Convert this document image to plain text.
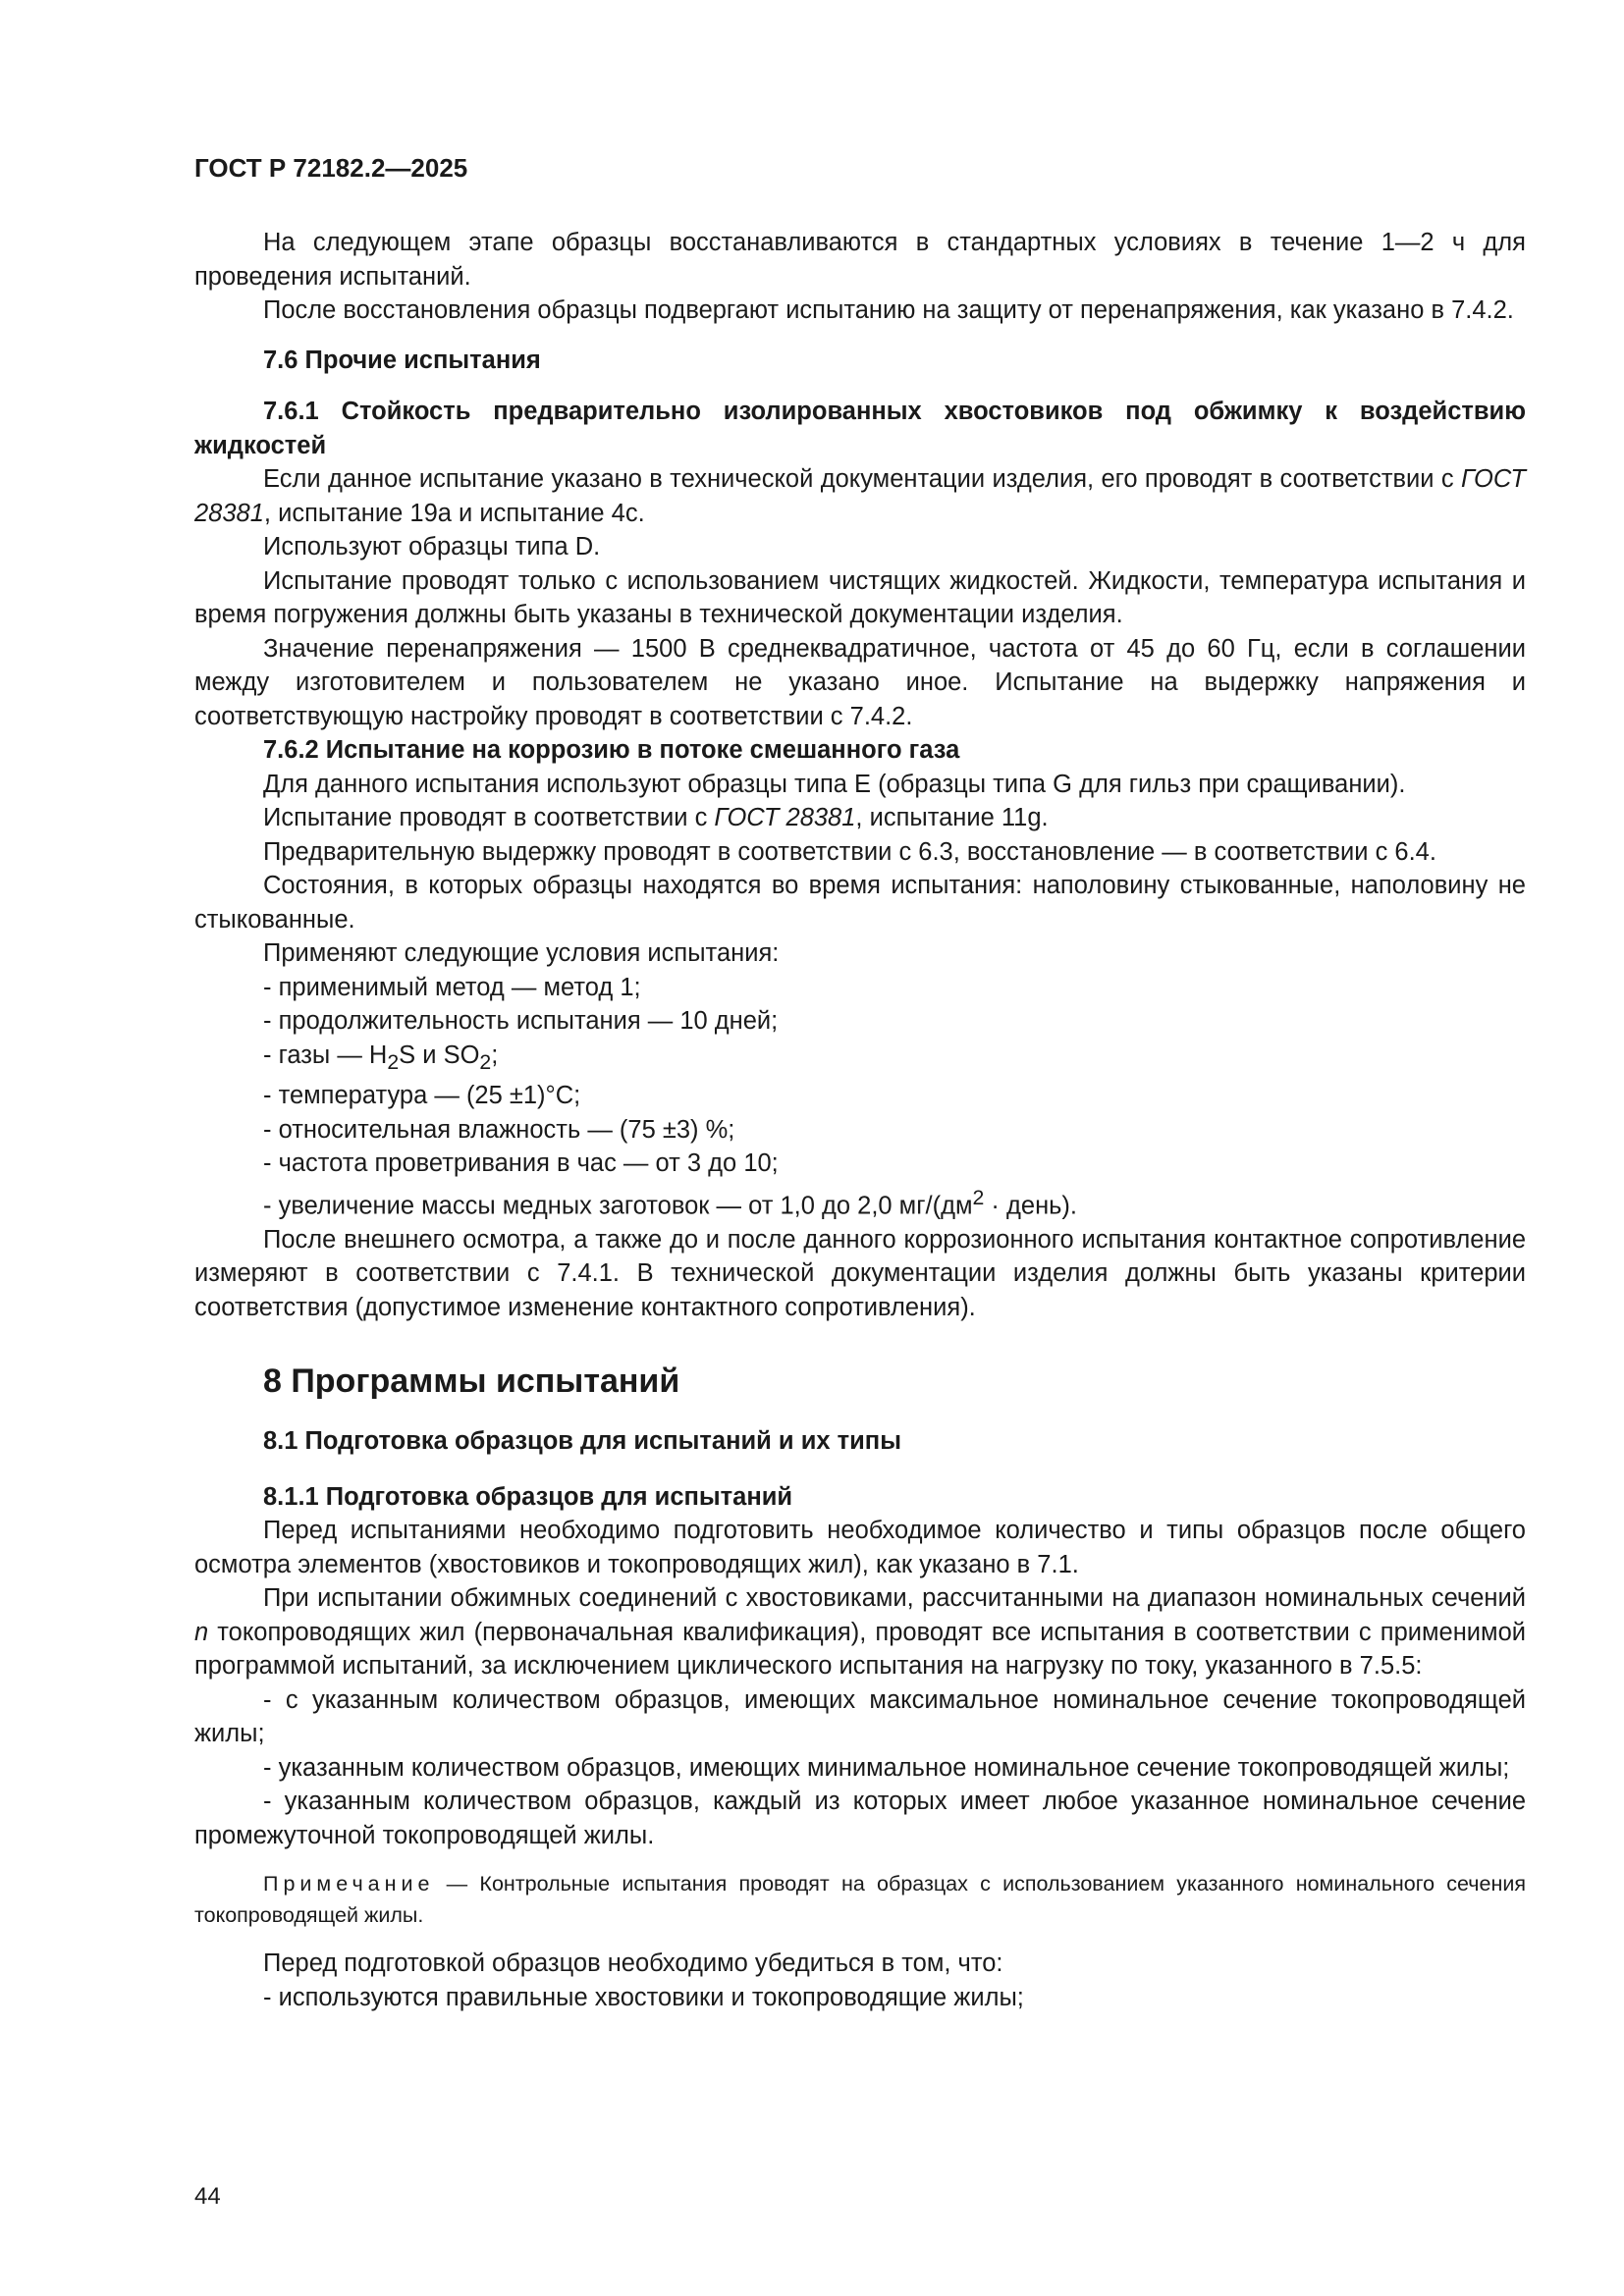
ГОСТ Р 72182.2—2025

На следующем этапе образцы восстанавливаются в стандартных условиях в течение 1—2 ч для проведения испытаний.

После восстановления образцы подвергают испытанию на защиту от перенапряжения, как указано в 7.4.2.

7.6 Прочие испытания

7.6.1 Стойкость предварительно изолированных хвостовиков под обжимку к воздействию жидкостей

Если данное испытание указано в технической документации изделия, его проводят в соответствии с ГОСТ 28381, испытание 19a и испытание 4c.

Используют образцы типа D.

Испытание проводят только с использованием чистящих жидкостей. Жидкости, температура испытания и время погружения должны быть указаны в технической документации изделия.

Значение перенапряжения — 1500 В среднеквадратичное, частота от 45 до 60 Гц, если в соглашении между изготовителем и пользователем не указано иное. Испытание на выдержку напряжения и соответствующую настройку проводят в соответствии с 7.4.2.

7.6.2 Испытание на коррозию в потоке смешанного газа

Для данного испытания используют образцы типа E (образцы типа G для гильз при сращивании).

Испытание проводят в соответствии с ГОСТ 28381, испытание 11g.

Предварительную выдержку проводят в соответствии с 6.3, восстановление — в соответствии с 6.4.

Состояния, в которых образцы находятся во время испытания: наполовину стыкованные, наполовину не стыкованные.

Применяют следующие условия испытания:

- применимый метод — метод 1;

- продолжительность испытания — 10 дней;

- газы — $H_2S$ и $SO_2$;

- температура — (25 ±1)°C;

- относительная влажность — (75 ±3) %;

- частота проветривания в час — от 3 до 10;

- увеличение массы медных заготовок — от 1,0 до 2,0 $мг/(дм^2$ · день).

После внешнего осмотра, а также до и после данного коррозионного испытания контактное сопротивление измеряют в соответствии с 7.4.1. В технической документации изделия должны быть указаны критерии соответствия (допустимое изменение контактного сопротивления).

8 Программы испытаний
8.1 Подготовка образцов для испытаний и их типы

8.1.1 Подготовка образцов для испытаний

Перед испытаниями необходимо подготовить необходимое количество и типы образцов после общего осмотра элементов (хвостовиков и токопроводящих жил), как указано в 7.1.

При испытании обжимных соединений с хвостовиками, рассчитанными на диапазон номинальных сечений n токопроводящих жил (первоначальная квалификация), проводят все испытания в соответствии с применимой программой испытаний, за исключением циклического испытания на нагрузку по току, указанного в 7.5.5:

- с указанным количеством образцов, имеющих максимальное номинальное сечение токопроводящей жилы;

- указанным количеством образцов, имеющих минимальное номинальное сечение токопроводящей жилы;

- указанным количеством образцов, каждый из которых имеет любое указанное номинальное сечение промежуточной токопроводящей жилы.

Примечание — Контрольные испытания проводят на образцах с использованием указанного номинального сечения токопроводящей жилы.

Перед подготовкой образцов необходимо убедиться в том, что:

- используются правильные хвостовики и токопроводящие жилы;

44
